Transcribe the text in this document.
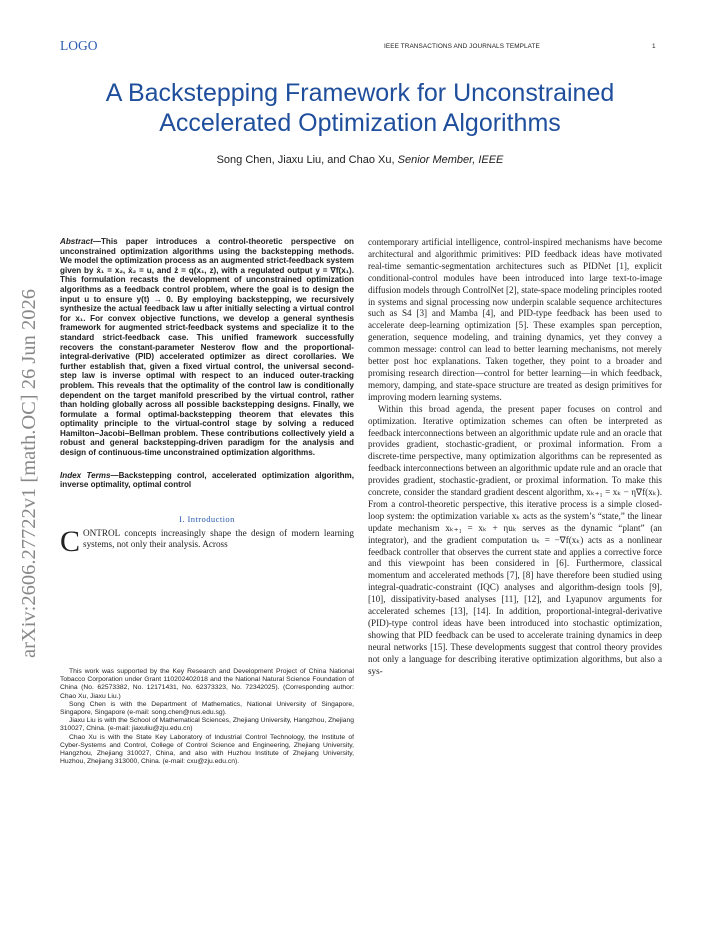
LOGO	IEEE TRANSACTIONS AND JOURNALS TEMPLATE	1
A Backstepping Framework for Unconstrained
Accelerated Optimization Algorithms
Song Chen, Jiaxu Liu, and Chao Xu, Senior Member, IEEE
arXiv:2606.27722v1 [math.OC] 26 Jun 2026

Abstract—This paper introduces a control-theoretic perspective on unconstrained optimization algorithms using the backstepping methods. We model the optimization process as an augmented strict-feedback system given by ẋ₁ = x₂, ẋ₂ = u, and ż = q(x₁, z), with a regulated output y = ∇f(x₁). This formulation recasts the development of unconstrained optimization algorithms as a feedback control problem, where the goal is to design the input u to ensure y(t) → 0. By employing backstepping, we recursively synthesize the actual feedback law u after initially selecting a virtual control for x₁. For convex objective functions, we develop a general synthesis framework for augmented strict-feedback systems and specialize it to the standard strict-feedback case. This unified framework successfully recovers the constant-parameter Nesterov flow and the proportional-integral-derivative (PID) accelerated optimizer as direct corollaries. We further establish that, given a fixed virtual control, the universal second-step law is inverse optimal with respect to an induced outer-tracking problem. This reveals that the optimality of the control law is conditionally dependent on the target manifold prescribed by the virtual control, rather than holding globally across all possible backstepping designs. Finally, we formulate a formal optimal-backstepping theorem that elevates this optimality principle to the virtual-control stage by solving a reduced Hamilton–Jacobi–Bellman problem. These contributions collectively yield a robust and general backstepping-driven paradigm for the analysis and design of continuous-time unconstrained optimization algorithms.

Index Terms—Backstepping control, accelerated optimization algorithm, inverse optimality, optimal control

I. Introduction

CONTROL concepts increasingly shape the design of modern learning systems, not only their analysis. Across

This work was supported by the Key Research and Development Project of China National Tobacco Corporation under Grant 110202402018 and the National Natural Science Foundation of China (No. 62573382, No. 12171431, No. 62373323, No. 72342025). (Corresponding author: Chao Xu, Jiaxu Liu.)

Song Chen is with the Department of Mathematics, National University of Singapore, Singapore, Singapore (e-mail: song.chen@nus.edu.sg).

Jiaxu Liu is with the School of Mathematical Sciences, Zhejiang University, Hangzhou, Zhejiang 310027, China. (e-mail: jiaxuliu@zju.edu.cn)

Chao Xu is with the State Key Laboratory of Industrial Control Technology, the Institute of Cyber-Systems and Control, College of Control Science and Engineering, Zhejiang University, Hangzhou, Zhejiang 310027, China, and also with Huzhou Institute of Zhejiang University, Huzhou, Zhejiang 313000, China. (e-mail: cxu@zju.edu.cn).

contemporary artificial intelligence, control-inspired mechanisms have become architectural and algorithmic primitives: PID feedback ideas have motivated real-time semantic-segmentation architectures such as PIDNet [1], explicit conditional-control modules have been introduced into large text-to-image diffusion models through ControlNet [2], state-space modeling principles rooted in systems and signal processing now underpin scalable sequence architectures such as S4 [3] and Mamba [4], and PID-type feedback has been used to accelerate deep-learning optimization [5]. These examples span perception, generation, sequence modeling, and training dynamics, yet they convey a common message: control can lead to better learning mechanisms, not merely better post hoc explanations. Taken together, they point to a broader and promising research direction—control for better learning—in which feedback, memory, damping, and state-space structure are treated as design primitives for improving modern learning systems.

Within this broad agenda, the present paper focuses on control and optimization. Iterative optimization schemes can often be interpreted as feedback interconnections between an algorithmic update rule and an oracle that provides gradient, stochastic-gradient, or proximal information. From a discrete-time perspective, many optimization algorithms can be represented as feedback interconnections between an algorithmic update rule and an oracle that provides gradient, stochastic-gradient, or proximal information. To make this concrete, consider the standard gradient descent algorithm, xₖ₊₁ = xₖ − η∇f(xₖ). From a control-theoretic perspective, this iterative process is a simple closed-loop system: the optimization variable xₖ acts as the system’s “state,” the linear update mechanism xₖ₊₁ = xₖ + ηuₖ serves as the dynamic “plant” (an integrator), and the gradient computation uₖ = −∇f(xₖ) acts as a nonlinear feedback controller that observes the current state and applies a corrective force and this viewpoint has been considered in [6]. Furthermore, classical momentum and accelerated methods [7], [8] have therefore been studied using integral-quadratic-constraint (IQC) analyses and algorithm-design tools [9], [10], dissipativity-based analyses [11], [12], and Lyapunov arguments for accelerated schemes [13], [14]. In addition, proportional-integral-derivative (PID)-type control ideas have been introduced into stochastic optimization, showing that PID feedback can be used to accelerate training dynamics in deep neural networks [15]. These developments suggest that control theory provides not only a language for describing iterative optimization algorithms, but also a sys-
